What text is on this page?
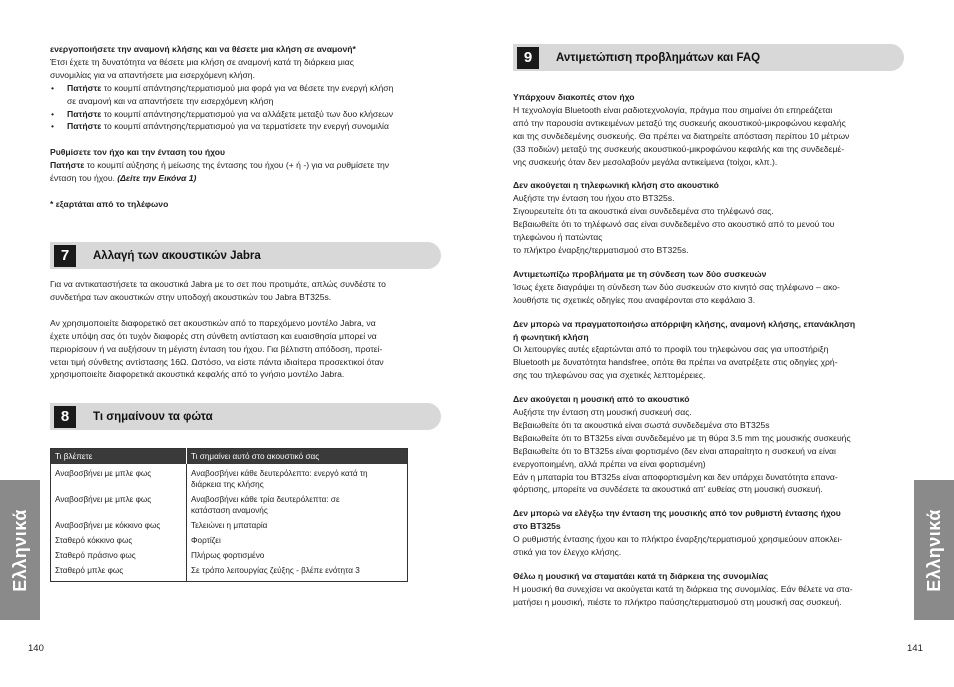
ενεργοποιήσετε την αναμονή κλήσης και να θέσετε μια κλήση σε αναμονή*
Έτσι έχετε τη δυνατότητα να θέσετε μια κλήση σε αναμονή κατά τη διάρκεια μιας
συνομιλίας για να απαντήσετε μια εισερχόμενη κλήση.
• Πατήστε το κουμπί απάντησης/τερματισμού μια φορά για να θέσετε την ενεργή κλήση
σε αναμονή και να απαντήσετε την εισερχόμενη κλήση
• Πατήστε το κουμπί απάντησης/τερματισμού για να αλλάξετε μεταξύ των δυο κλήσεων
• Πατήστε το κουμπί απάντησης/τερματισμού για να τερματίσετε την ενεργή συνομιλία
Ρυθμίσετε τον ήχο και την ένταση του ήχου
Πατήστε το κουμπί αύξησης ή μείωσης της έντασης του ήχου (+ ή -) για να ρυθμίσετε την
ένταση του ήχου. (Δείτε την Εικόνα 1)
* εξαρτάται από το τηλέφωνο
7	Αλλαγή των ακουστικών Jabra
Για να αντικαταστήσετε τα ακουστικά Jabra με το σετ που προτιμάτε, απλώς συνδέστε το
συνδετήρα των ακουστικών στην υποδοχή ακουστικών του Jabra BT325s.
Αν χρησιμοποιείτε διαφορετικό σετ ακουστικών από το παρεχόμενο μοντέλο Jabra, να
έχετε υπόψη σας ότι τυχόν διαφορές στη σύνθετη αντίσταση και ευαισθησία μπορεί να
περιορίσουν ή να αυξήσουν τη μέγιστη ένταση του ήχου. Για βέλτιστη απόδοση, προτεί-
νεται τιμή σύνθετης αντίστασης 16Ω. Ωστόσο, να είστε πάντα ιδιαίτερα προσεκτικοί όταν
χρησιμοποιείτε διαφορετικά ακουστικά κεφαλής από το γνήσιο μοντέλο Jabra.
8	Τι σημαίνουν τα φώτα
Τι βλέπετε	Τι σημαίνει αυτό στο ακουστικό σας
Αναβοσβήνει με μπλε φως	Αναβοσβήνει κάθε δευτερόλεπτο: ενεργό κατά τη
διάρκεια της κλήσης
Αναβοσβήνει με μπλε φως	Αναβοσβήνει κάθε τρία δευτερόλεπτα: σε
κατάσταση αναμονής
Αναβοσβήνει με κόκκινο φως	Τελειώνει η μπαταρία
Σταθερό κόκκινο φως	Φορτίζει
Σταθερό πράσινο φως	Πλήρως φορτισμένο
Σταθερό μπλε φως	Σε τρόπο λειτουργίας ζεύξης - βλέπε ενότητα 3
Ελληνικά
140
9	Αντιμετώπιση προβλημάτων και FAQ
Υπάρχουν διακοπές στον ήχο
Η τεχνολογία Bluetooth είναι ραδιοτεχνολογία, πράγμα που σημαίνει ότι επηρεάζεται
από την παρουσία αντικειμένων μεταξύ της συσκευής ακουστικού-μικροφώνου κεφαλής
και της συνδεδεμένης συσκευής. Θα πρέπει να διατηρείτε απόσταση περίπου 10 μέτρων
(33 ποδιών) μεταξύ της συσκευής ακουστικού-μικροφώνου κεφαλής και της συνδεδεμέ-
νης συσκευής όταν δεν μεσολαβούν μεγάλα αντικείμενα (τοίχοι, κλπ.).
Δεν ακούγεται η τηλεφωνική κλήση στο ακουστικό
Αυξήστε την ένταση του ήχου στο BT325s.
Σιγουρευτείτε ότι τα ακουστικά είναι συνδεδεμένα στο τηλέφωνό σας.
Βεβαιωθείτε ότι το τηλέφωνό σας είναι συνδεδεμένο στο ακουστικό από το μενού του
τηλεφώνου ή πατώντας
το πλήκτρο έναρξης/τερματισμού στο BT325s.
Αντιμετωπίζω προβλήματα με τη σύνδεση των δύο συσκευών
Ίσως έχετε διαγράψει τη σύνδεση των δύο συσκευών στο κινητό σας τηλέφωνο – ακο-
λουθήστε τις σχετικές οδηγίες που αναφέρονται στο κεφάλαιο 3.
Δεν μπορώ να πραγματοποιήσω απόρριψη κλήσης, αναμονή κλήσης, επανάκληση
ή φωνητική κλήση
Οι λειτουργίες αυτές εξαρτώνται από το προφίλ του τηλεφώνου σας για υποστήριξη
Bluetooth με δυνατότητα handsfree, οπότε θα πρέπει να ανατρέξετε στις οδηγίες χρή-
σης του τηλεφώνου σας για σχετικές λεπτομέρειες.
Δεν ακούγεται η μουσική από το ακουστικό
Αυξήστε την ένταση στη μουσική συσκευή σας.
Βεβαιωθείτε ότι τα ακουστικά είναι σωστά συνδεδεμένα στο BT325s
Βεβαιωθείτε ότι το BT325s είναι συνδεδεμένο με τη θύρα 3.5 mm της μουσικής συσκευής
Βεβαιωθείτε ότι το BT325s είναι φορτισμένο (δεν είναι απαραίτητο η συσκευή να είναι
ενεργοποιημένη, αλλά πρέπει να είναι φορτισμένη)
Εάν η μπαταρία του BT325s είναι αποφορτισμένη και δεν υπάρχει δυνατότητα επανα-
φόρτισης, μπορείτε να συνδέσετε τα ακουστικά απ' ευθείας στη μουσική συσκευή.
Δεν μπορώ να ελέγξω την ένταση της μουσικής από τον ρυθμιστή έντασης ήχου
στο BT325s
Ο ρυθμιστής έντασης ήχου και το πλήκτρο έναρξης/τερματισμού χρησιμεύουν αποκλει-
στικά για τον έλεγχο κλήσης.
Θέλω η μουσική να σταματάει κατά τη διάρκεια της συνομιλίας
Η μουσική θα συνεχίσει να ακούγεται κατά τη διάρκεια της συνομιλίας. Εάν θέλετε να στα-
ματήσει η μουσική, πιέστε το πλήκτρο παύσης/τερματισμού στη μουσική σας συσκευή.
Ελληνικά
141
